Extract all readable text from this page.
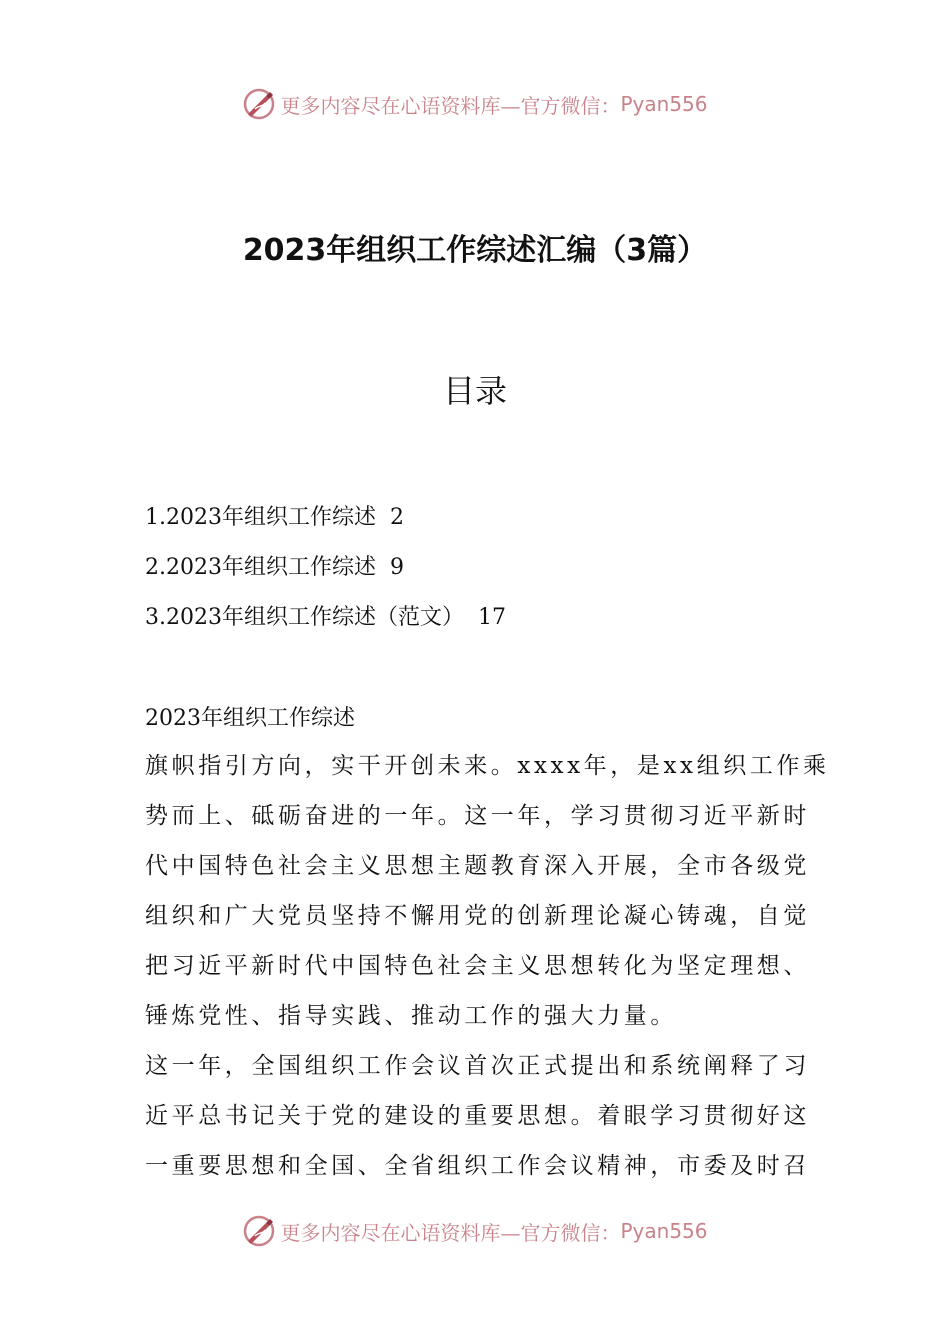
更多内容尽在心语资料库—官方微信： Pyan556
2023年组织工作综述汇编（3篇）
目录
1.2023年组织工作综述 2
2.2023年组织工作综述 9
3.2023年组织工作综述（范文） 17
2023年组织工作综述
旗帜指引方向，实干开创未来。xxxx年，是xx组织工作乘
势而上、砥砺奋进的一年。这一年，学习贯彻习近平新时
代中国特色社会主义思想主题教育深入开展，全市各级党
组织和广大党员坚持不懈用党的创新理论凝心铸魂，自觉
把习近平新时代中国特色社会主义思想转化为坚定理想、
锤炼党性、指导实践、推动工作的强大力量。
这一年，全国组织工作会议首次正式提出和系统阐释了习
近平总书记关于党的建设的重要思想。着眼学习贯彻好这
一重要思想和全国、全省组织工作会议精神，市委及时召
更多内容尽在心语资料库—官方微信： Pyan556
